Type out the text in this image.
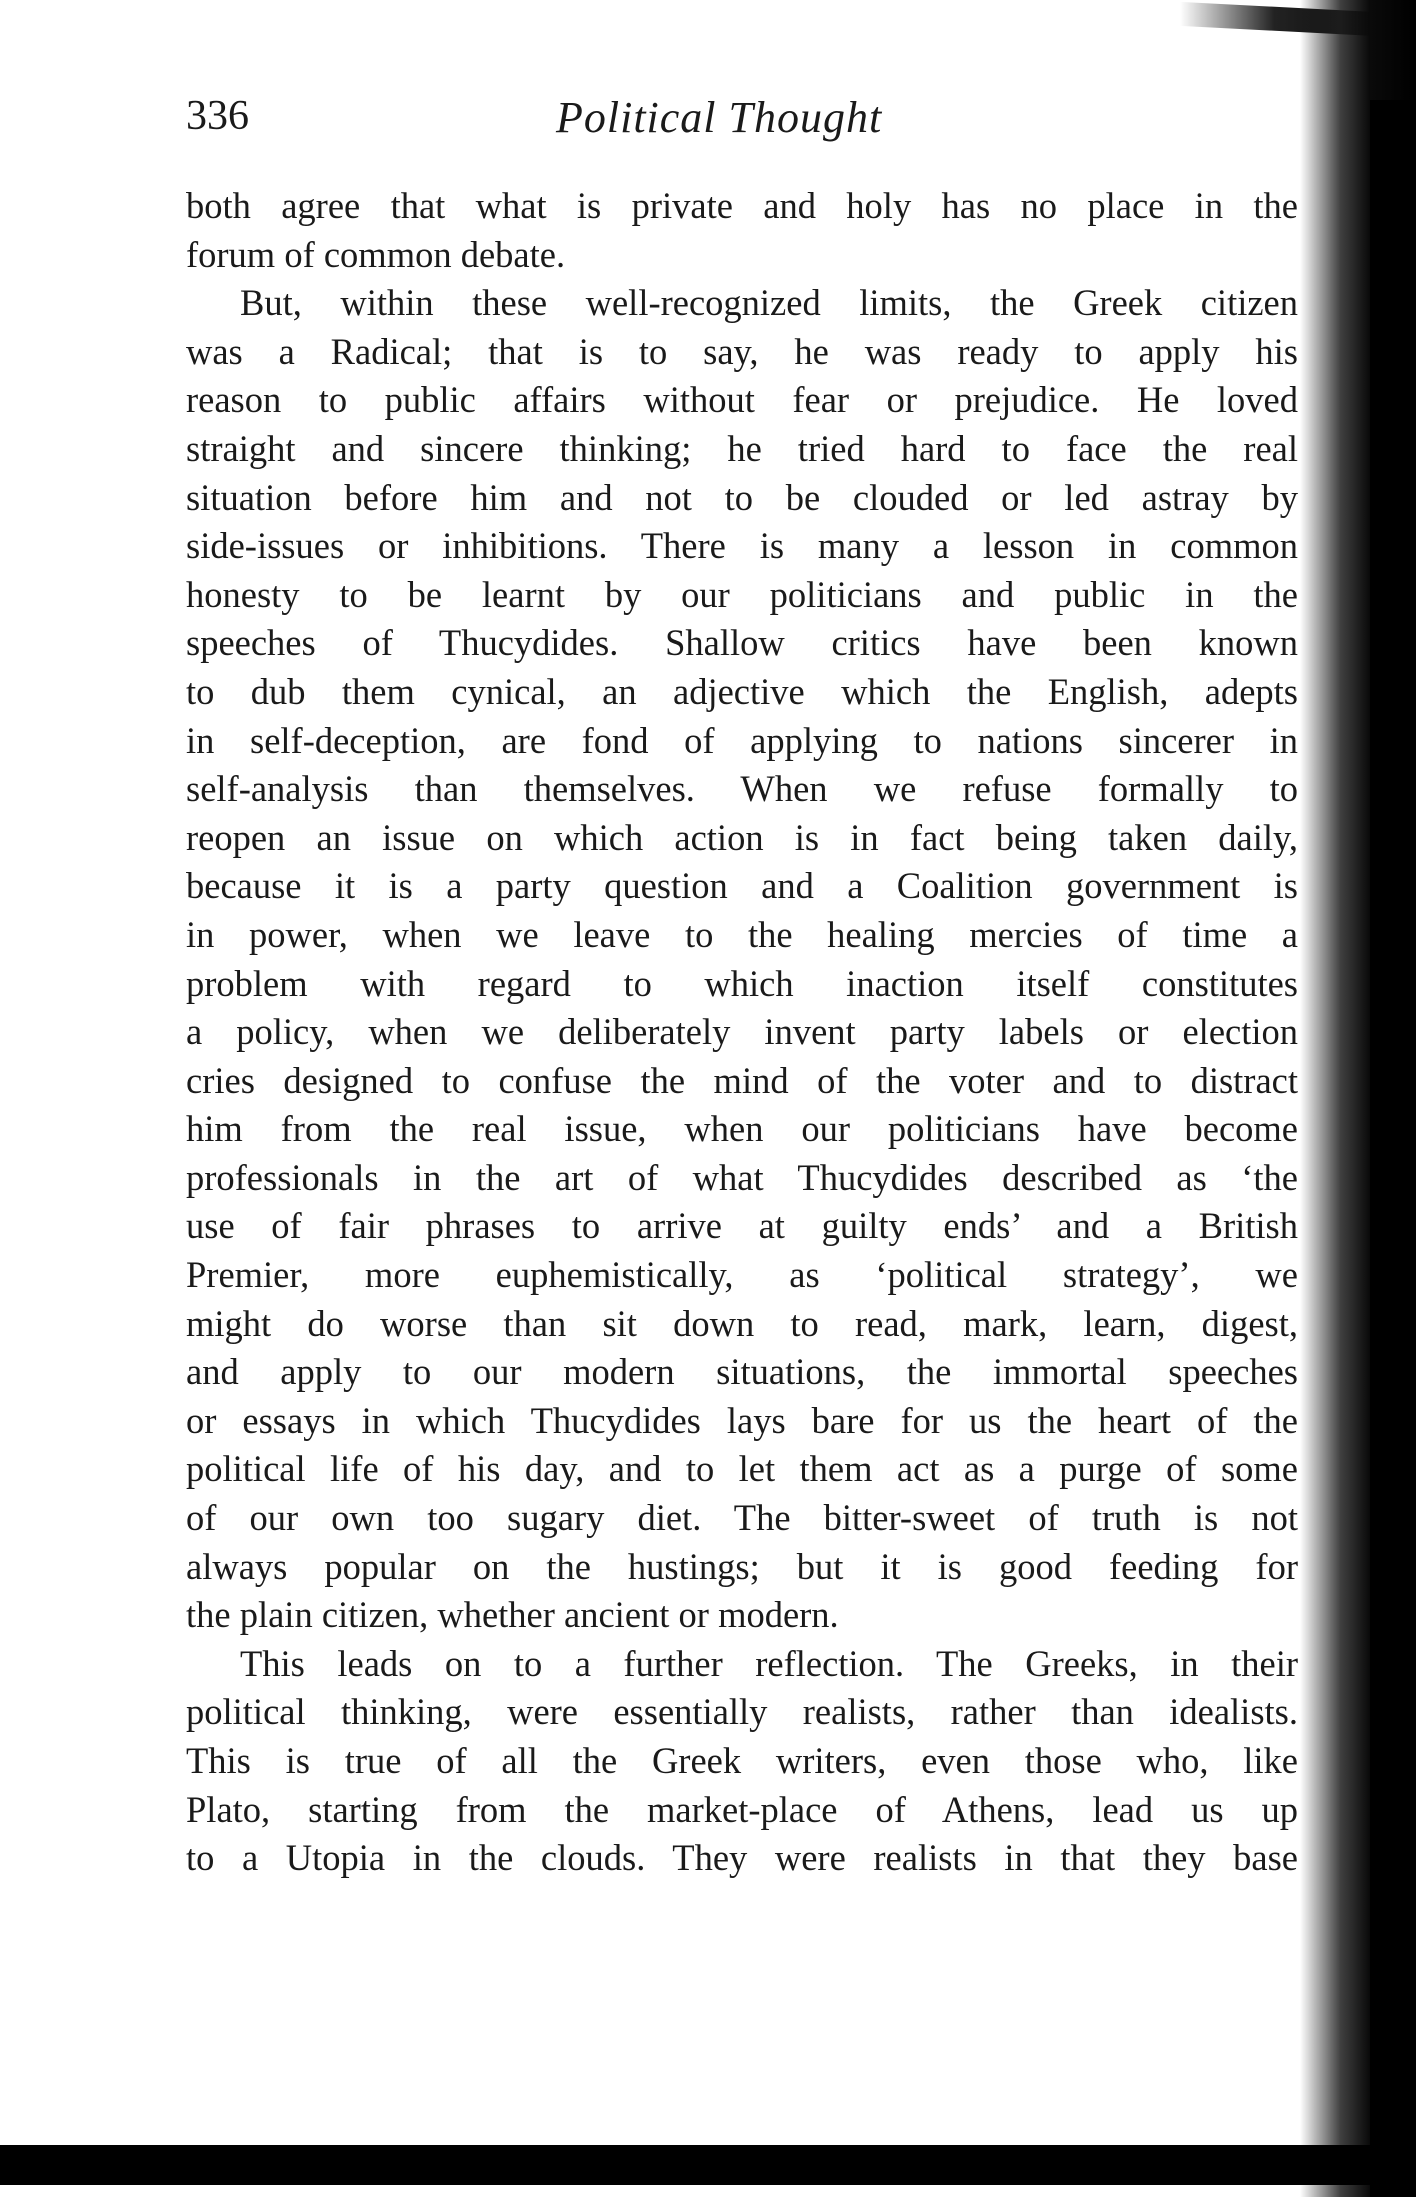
336	Political Thought
both agree that what is private and holy has no place in the
forum of common debate.
But, within these well-recognized limits, the Greek citizen
was a Radical; that is to say, he was ready to apply his
reason to public affairs without fear or prejudice. He loved
straight and sincere thinking; he tried hard to face the real
situation before him and not to be clouded or led astray by
side-issues or inhibitions. There is many a lesson in common
honesty to be learnt by our politicians and public in the
speeches of Thucydides. Shallow critics have been known
to dub them cynical, an adjective which the English, adepts
in self-deception, are fond of applying to nations sincerer in
self-analysis than themselves. When we refuse formally to
reopen an issue on which action is in fact being taken daily,
because it is a party question and a Coalition government is
in power, when we leave to the healing mercies of time a
problem with regard to which inaction itself constitutes
a policy, when we deliberately invent party labels or election
cries designed to confuse the mind of the voter and to distract
him from the real issue, when our politicians have become
professionals in the art of what Thucydides described as ‘the
use of fair phrases to arrive at guilty ends’ and a British
Premier, more euphemistically, as ‘political strategy’, we
might do worse than sit down to read, mark, learn, digest,
and apply to our modern situations, the immortal speeches
or essays in which Thucydides lays bare for us the heart of the
political life of his day, and to let them act as a purge of some
of our own too sugary diet. The bitter-sweet of truth is not
always popular on the hustings; but it is good feeding for
the plain citizen, whether ancient or modern.
This leads on to a further reflection. The Greeks, in their
political thinking, were essentially realists, rather than idealists.
This is true of all the Greek writers, even those who, like
Plato, starting from the market-place of Athens, lead us up
to a Utopia in the clouds. They were realists in that they base
